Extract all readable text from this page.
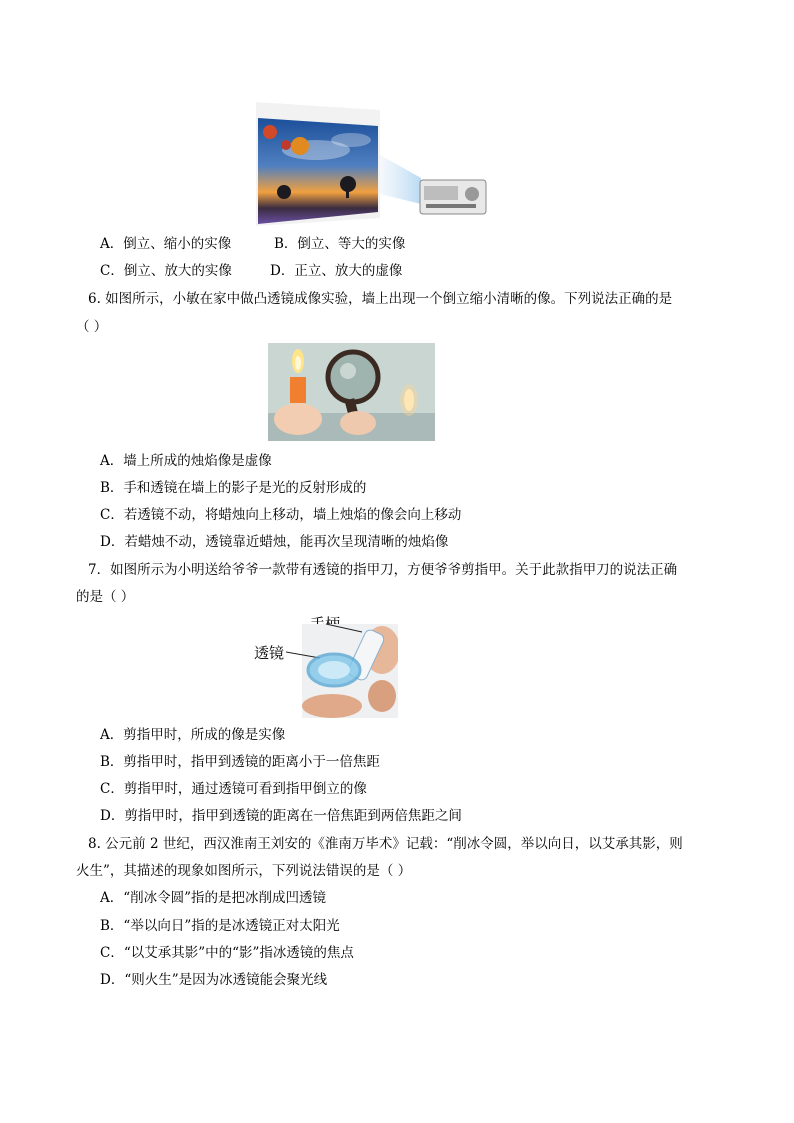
A．倒立、缩小的实像	B．倒立、等大的实像
C．倒立、放大的实像	D．正立、放大的虚像
6. 如图所示，小敏在家中做凸透镜成像实验，墙上出现一个倒立缩小清晰的像。下列说法正确的是
（ ）
A．墙上所成的烛焰像是虚像
B．手和透镜在墙上的影子是光的反射形成的
C．若透镜不动，将蜡烛向上移动，墙上烛焰的像会向上移动
D．若蜡烛不动，透镜靠近蜡烛，能再次呈现清晰的烛焰像
7．如图所示为小明送给爷爷一款带有透镜的指甲刀，方便爷爷剪指甲。关于此款指甲刀的说法正确
的是（ ）
透镜
A．剪指甲时，所成的像是实像
B．剪指甲时，指甲到透镜的距离小于一倍焦距
C．剪指甲时，通过透镜可看到指甲倒立的像
D．剪指甲时，指甲到透镜的距离在一倍焦距到两倍焦距之间
8. 公元前 2 世纪，西汉淮南王刘安的《淮南万毕术》记载：“削冰令圆，举以向日，以艾承其影，则
火生”，其描述的现象如图所示，下列说法错误的是（ ）
A．“削冰令圆”指的是把冰削成凹透镜
B．“举以向日”指的是冰透镜正对太阳光
C．“以艾承其影”中的“影”指冰透镜的焦点
D．“则火生”是因为冰透镜能会聚光线
